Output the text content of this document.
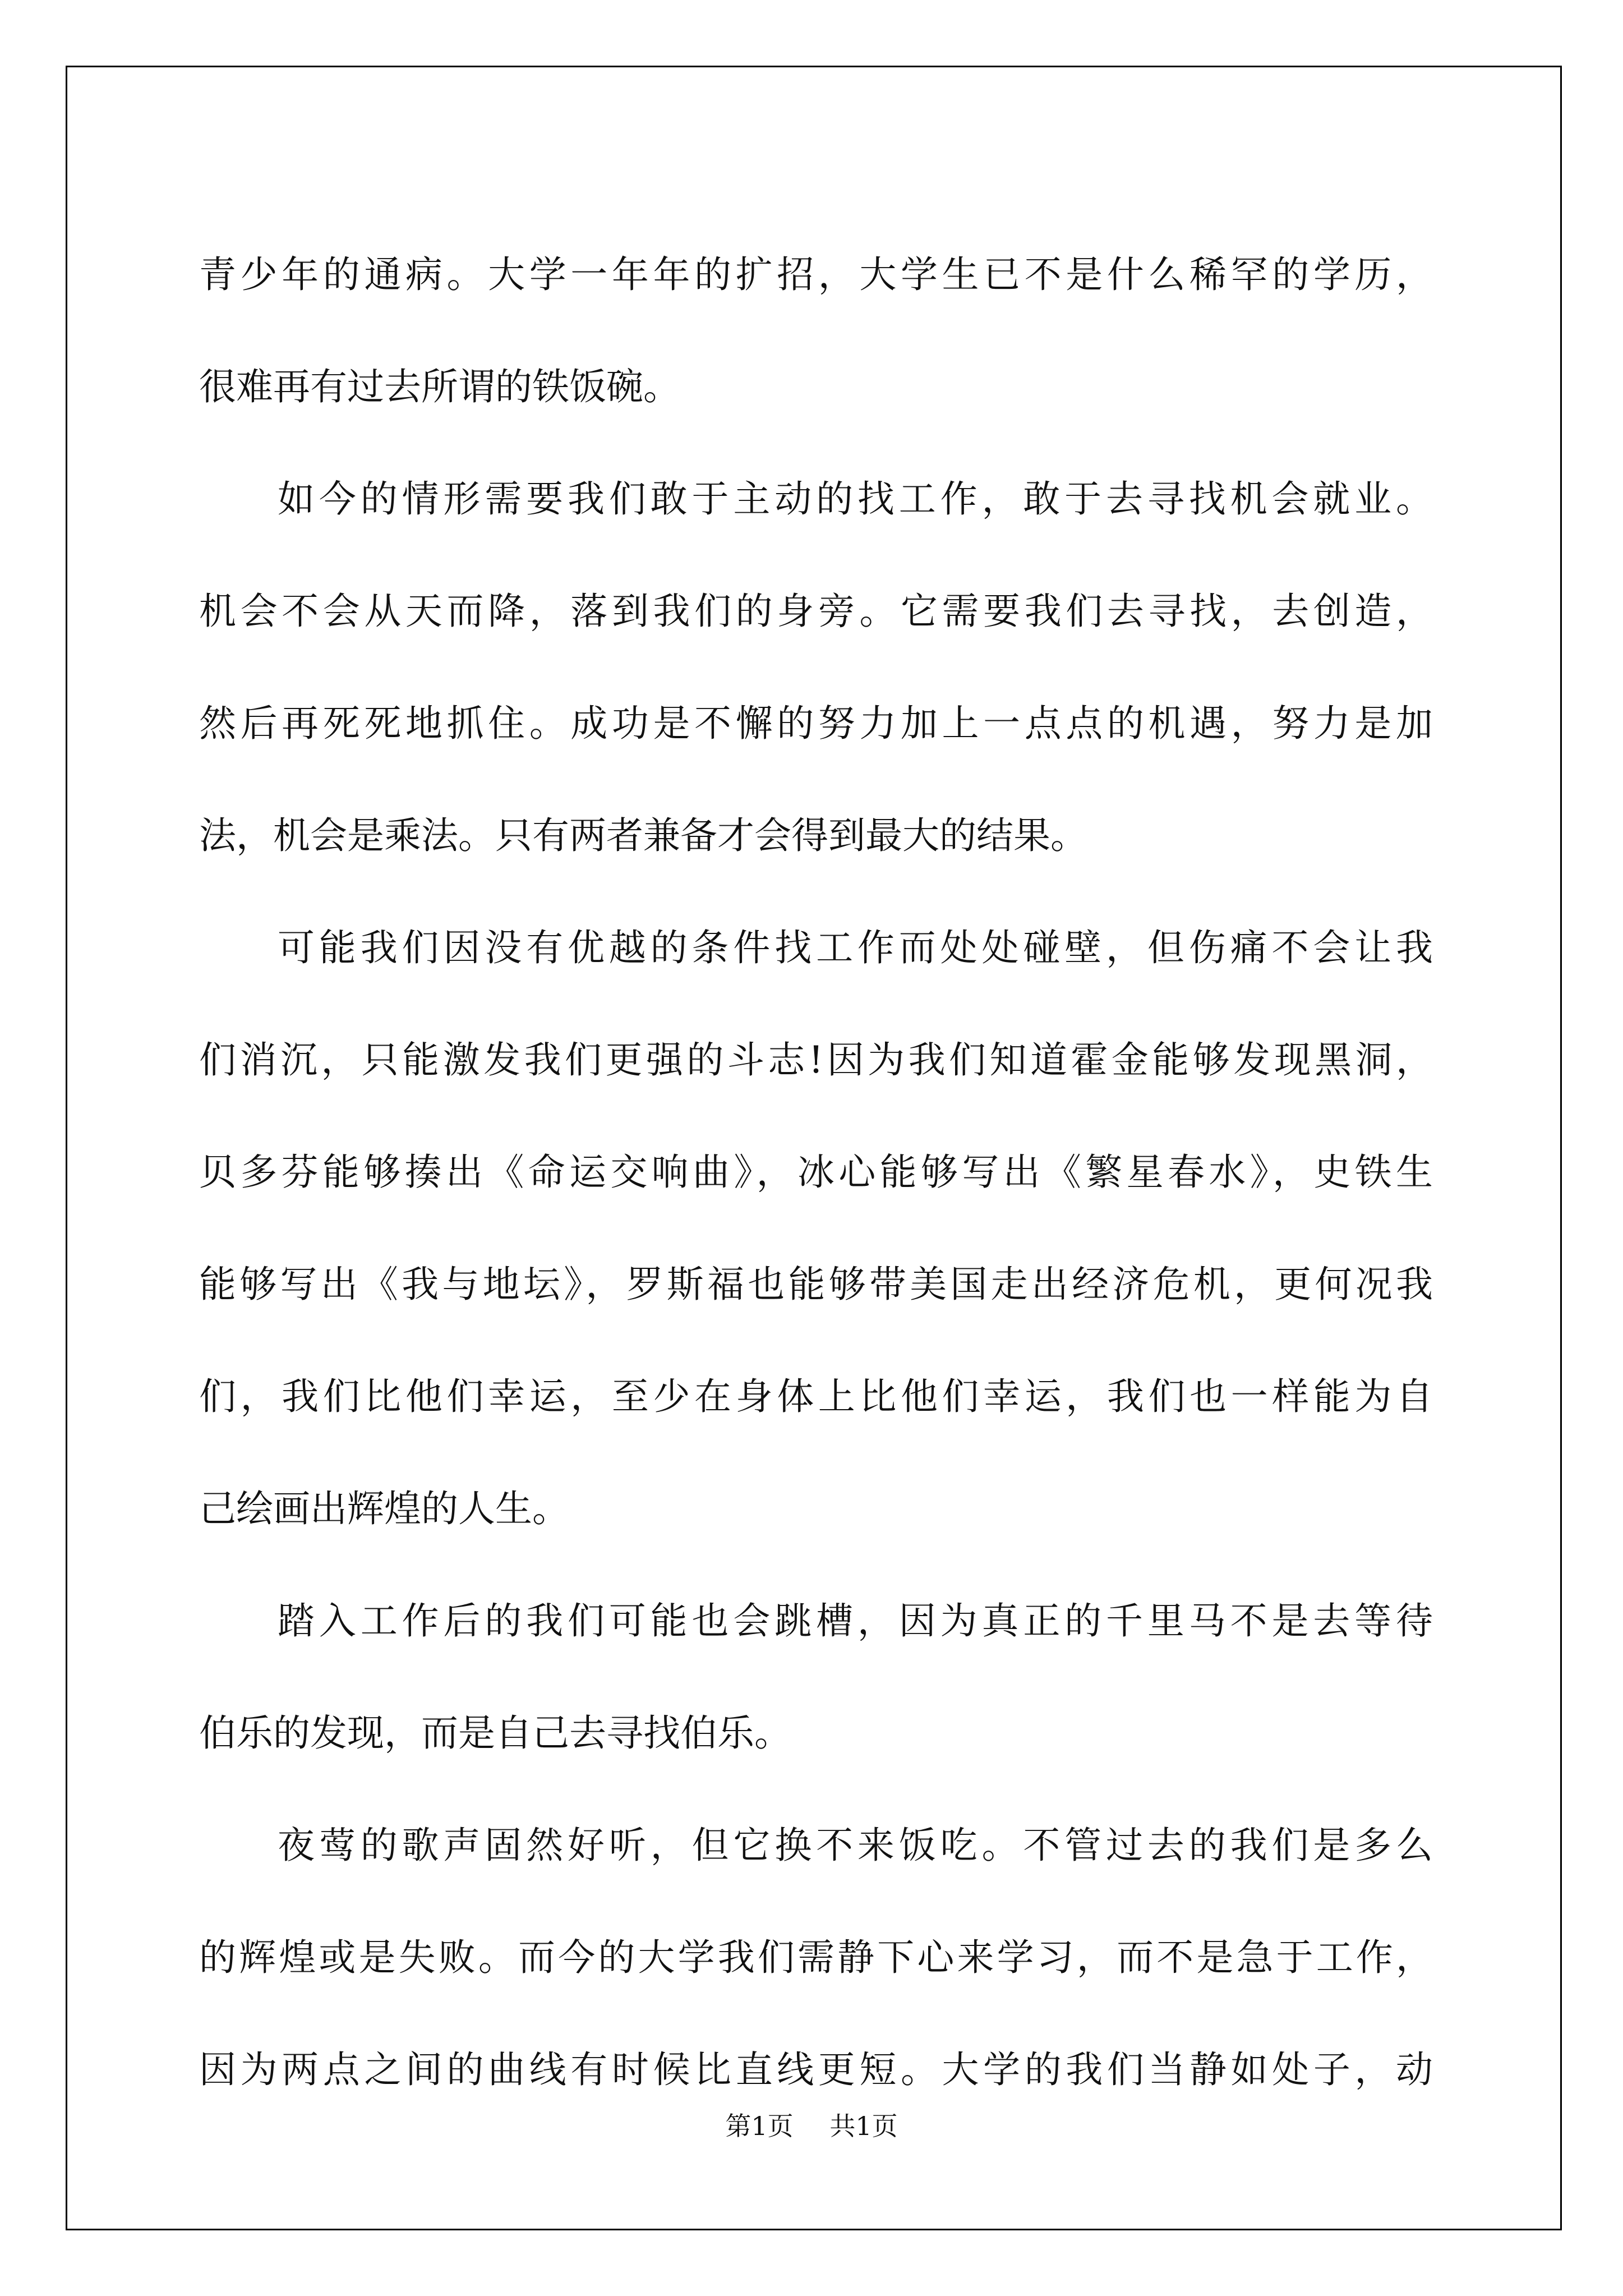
青少年的通病。大学一年年的扩招，大学生已不是什么稀罕的学历，
很难再有过去所谓的铁饭碗。

如今的情形需要我们敢于主动的找工作，敢于去寻找机会就业。
机会不会从天而降，落到我们的身旁。它需要我们去寻找，去创造，
然后再死死地抓住。成功是不懈的努力加上一点点的机遇，努力是加
法，机会是乘法。只有两者兼备才会得到最大的结果。

可能我们因没有优越的条件找工作而处处碰壁，但伤痛不会让我
们消沉，只能激发我们更强的斗志!因为我们知道霍金能够发现黑洞，
贝多芬能够揍出《命运交响曲》，冰心能够写出《繁星春水》，史铁生
能够写出《我与地坛》，罗斯福也能够带美国走出经济危机，更何况我
们，我们比他们幸运，至少在身体上比他们幸运，我们也一样能为自
己绘画出辉煌的人生。

踏入工作后的我们可能也会跳槽，因为真正的千里马不是去等待
伯乐的发现，而是自己去寻找伯乐。

夜莺的歌声固然好听，但它换不来饭吃。不管过去的我们是多么
的辉煌或是失败。而今的大学我们需静下心来学习，而不是急于工作，
因为两点之间的曲线有时候比直线更短。大学的我们当静如处子，动

第1页 共1页
